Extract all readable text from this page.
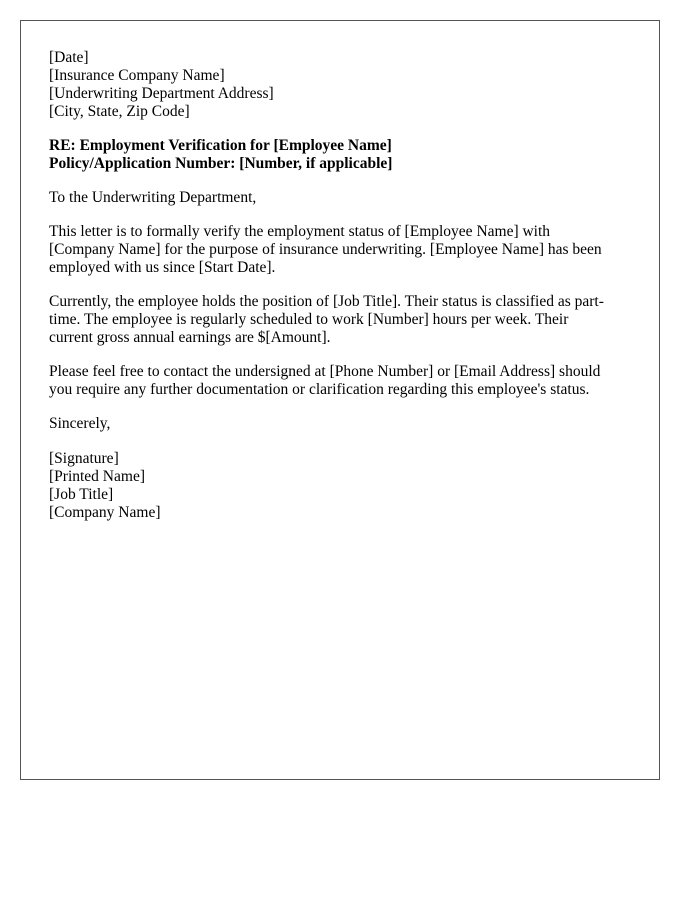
[Date]
[Insurance Company Name]
[Underwriting Department Address]
[City, State, Zip Code]
RE: Employment Verification for [Employee Name]
Policy/Application Number: [Number, if applicable]

To the Underwriting Department,

This letter is to formally verify the employment status of [Employee Name] with
[Company Name] for the purpose of insurance underwriting. [Employee Name] has been
employed with us since [Start Date].

Currently, the employee holds the position of [Job Title]. Their status is classified as part-
time. The employee is regularly scheduled to work [Number] hours per week. Their
current gross annual earnings are $[Amount].

Please feel free to contact the undersigned at [Phone Number] or [Email Address] should
you require any further documentation or clarification regarding this employee's status.

Sincerely,

[Signature]
[Printed Name]
[Job Title]
[Company Name]
